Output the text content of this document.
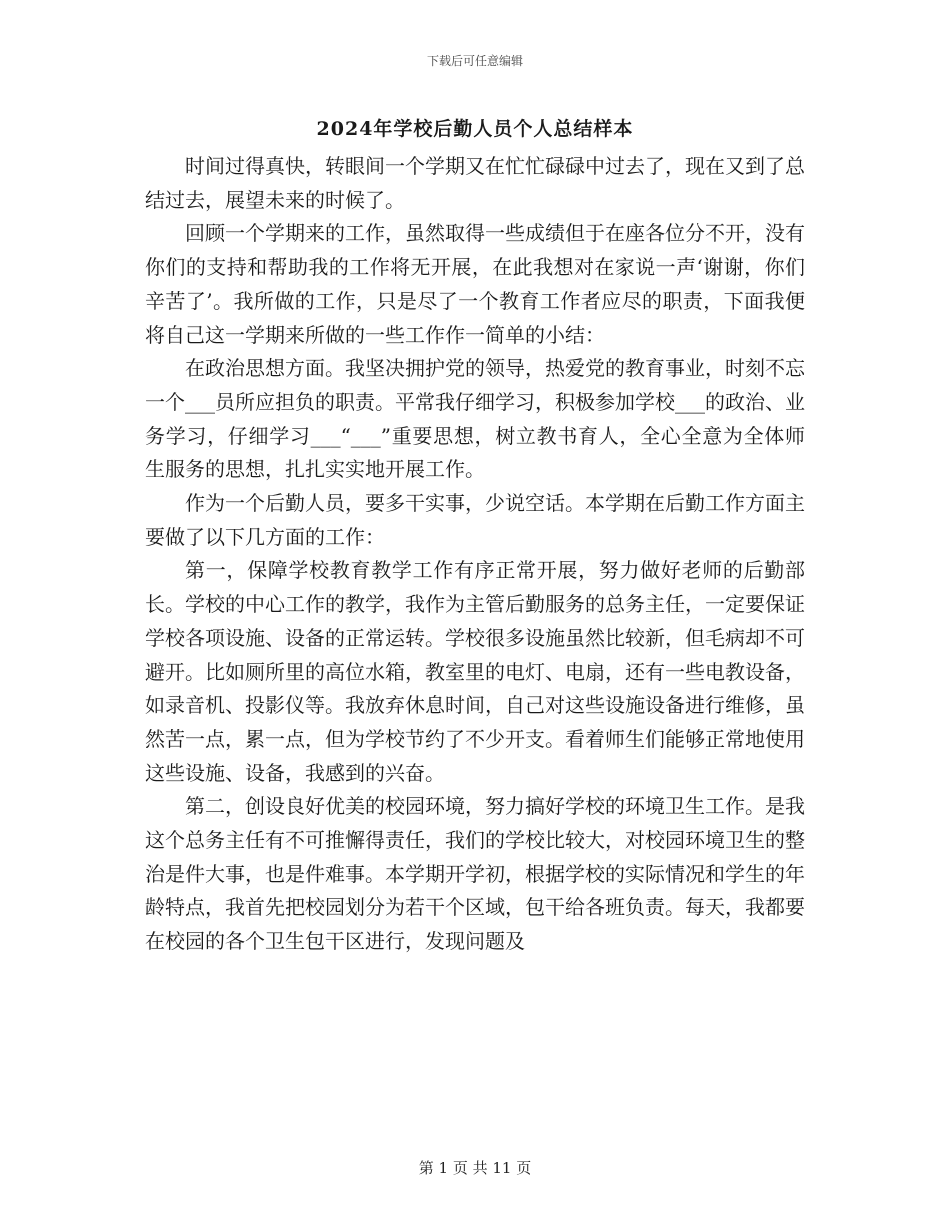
下载后可任意编辑
2024年学校后勤人员个人总结样本

时间过得真快，转眼间一个学期又在忙忙碌碌中过去了，现在又到了总结过去，展望未来的时候了。

回顾一个学期来的工作，虽然取得一些成绩但于在座各位分不开，没有你们的支持和帮助我的工作将无开展，在此我想对在家说一声‘谢谢，你们辛苦了’。我所做的工作，只是尽了一个教育工作者应尽的职责，下面我便将自己这一学期来所做的一些工作作一简单的小结：

在政治思想方面。我坚决拥护党的领导，热爱党的教育事业，时刻不忘一个___员所应担负的职责。平常我仔细学习，积极参加学校___的政治、业务学习，仔细学习___“___”重要思想，树立教书育人，全心全意为全体师生服务的思想，扎扎实实地开展工作。

作为一个后勤人员，要多干实事，少说空话。本学期在后勤工作方面主要做了以下几方面的工作：

第一，保障学校教育教学工作有序正常开展，努力做好老师的后勤部长。学校的中心工作的教学，我作为主管后勤服务的总务主任，一定要保证学校各项设施、设备的正常运转。学校很多设施虽然比较新，但毛病却不可避开。比如厕所里的高位水箱，教室里的电灯、电扇，还有一些电教设备，如录音机、投影仪等。我放弃休息时间，自己对这些设施设备进行维修，虽然苦一点，累一点，但为学校节约了不少开支。看着师生们能够正常地使用这些设施、设备，我感到的兴奋。

第二，创设良好优美的校园环境，努力搞好学校的环境卫生工作。是我这个总务主任有不可推懈得责任，我们的学校比较大，对校园环境卫生的整治是件大事，也是件难事。本学期开学初，根据学校的实际情况和学生的年龄特点，我首先把校园划分为若干个区域，包干给各班负责。每天，我都要在校园的各个卫生包干区进行，发现问题及

第 1 页 共 11 页
